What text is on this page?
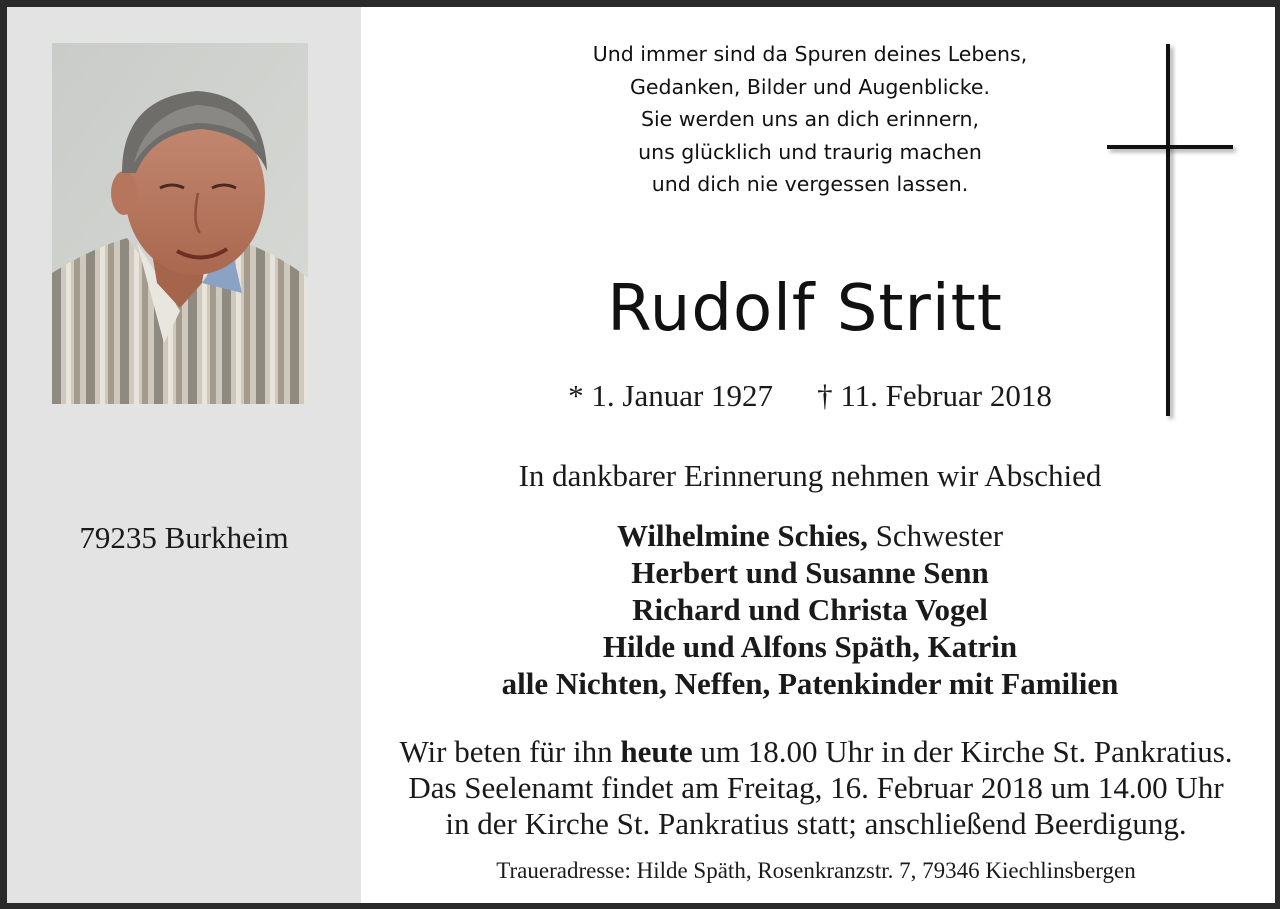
79235 Burkheim
Und immer sind da Spuren deines Lebens,
Gedanken, Bilder und Augenblicke.
Sie werden uns an dich erinnern,
uns glücklich und traurig machen
und dich nie vergessen lassen.
Rudolf Stritt
* 1. Januar 1927 † 11. Februar 2018
In dankbarer Erinnerung nehmen wir Abschied
Wilhelmine Schies, Schwester
Herbert und Susanne Senn
Richard und Christa Vogel
Hilde und Alfons Späth, Katrin
alle Nichten, Neffen, Patenkinder mit Familien
Wir beten für ihn heute um 18.00 Uhr in der Kirche St. Pankratius.
Das Seelenamt findet am Freitag, 16. Februar 2018 um 14.00 Uhr
in der Kirche St. Pankratius statt; anschließend Beerdigung.
Traueradresse: Hilde Späth, Rosenkranzstr. 7, 79346 Kiechlinsbergen
